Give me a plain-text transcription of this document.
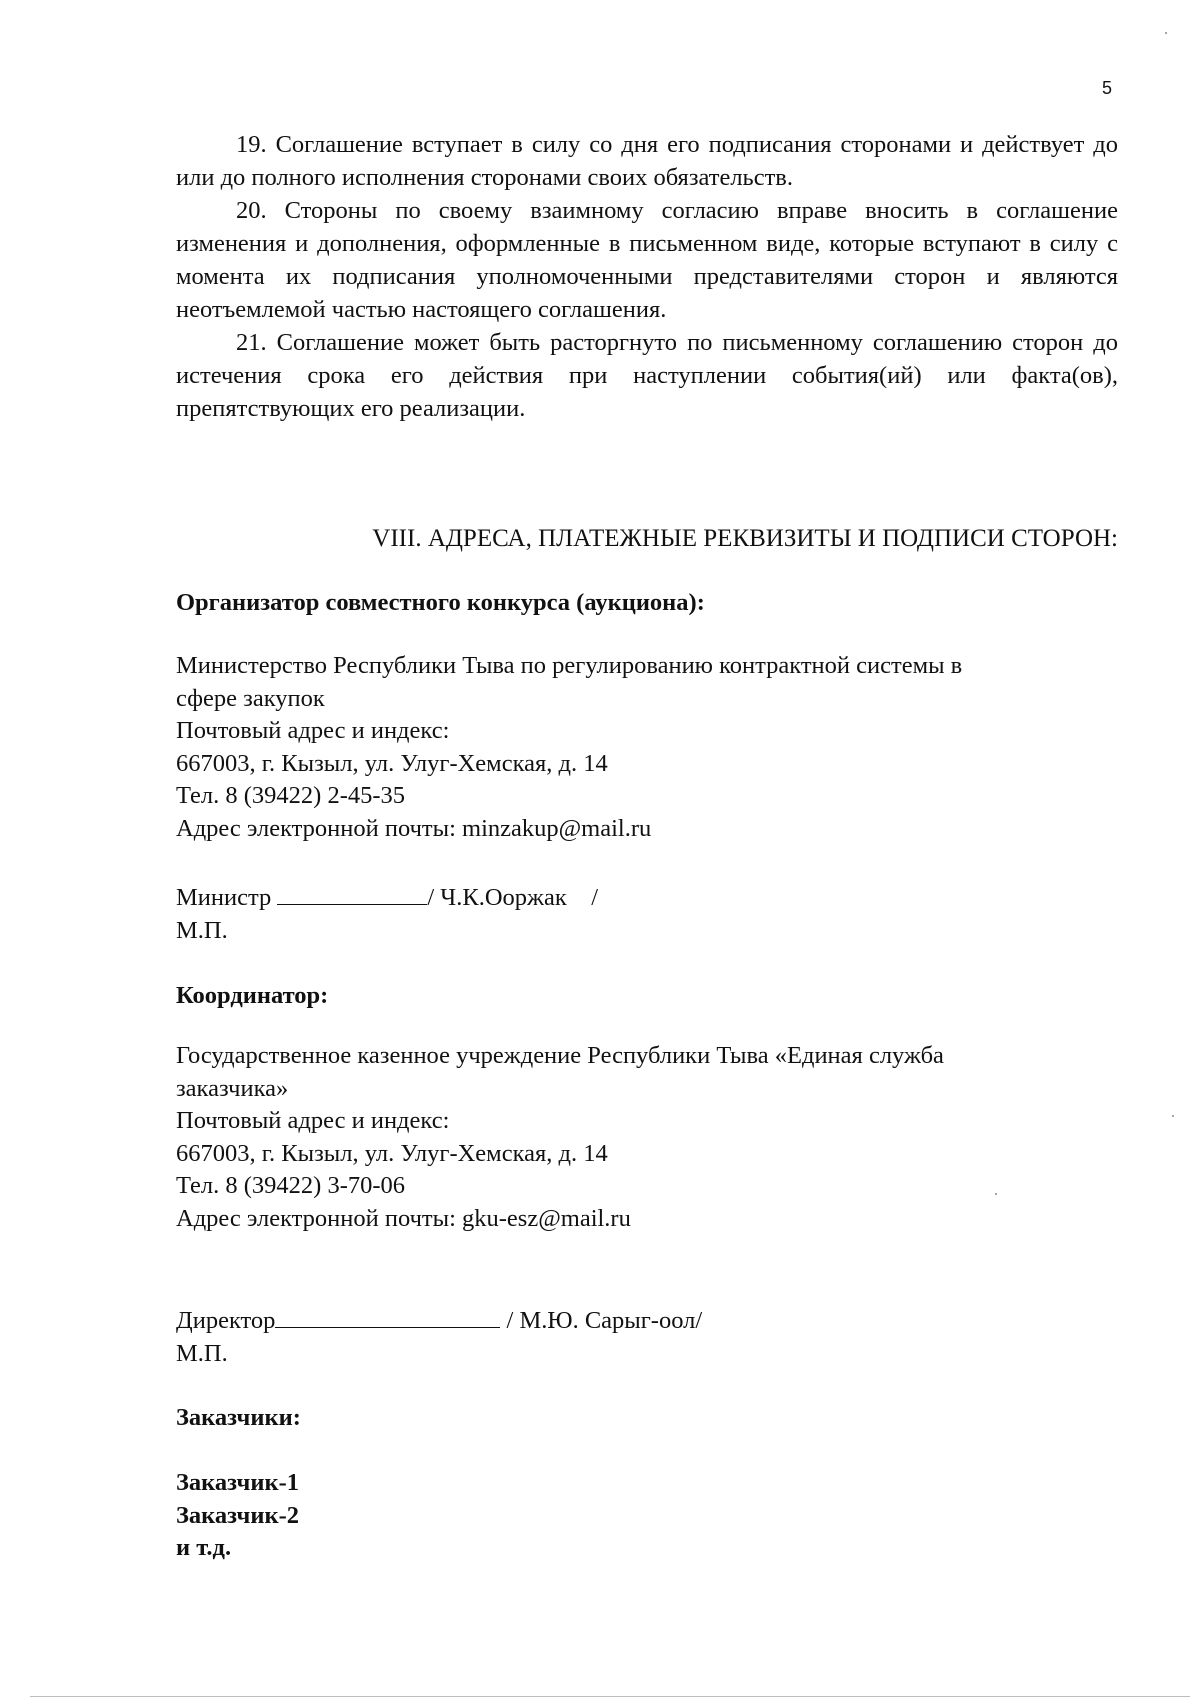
5

19. Соглашение вступает в силу со дня его подписания сторонами и действует до или до полного исполнения сторонами своих обязательств.

20. Стороны по своему взаимному согласию вправе вносить в соглашение изменения и дополнения, оформленные в письменном виде, которые вступают в силу с момента их подписания уполномоченными представителями сторон и являются неотъемлемой частью настоящего соглашения.

21. Соглашение может быть расторгнуто по письменному соглашению сторон до истечения срока его действия при наступлении события(ий) или факта(ов), препятствующих его реализации.

VIII. АДРЕСА, ПЛАТЕЖНЫЕ РЕКВИЗИТЫ И ПОДПИСИ СТОРОН:

Организатор совместного конкурса (аукциона):

Министерство Республики Тыва по регулированию контрактной системы в

сфере закупок

Почтовый адрес и индекс:

667003, г. Кызыл, ул. Улуг-Хемская, д. 14

Тел. 8 (39422) 2-45-35

Адрес электронной почты: minzakup@mail.ru

Министр	/ Ч.К.Ооржак    /

М.П.

Координатор:

Государственное казенное учреждение Республики Тыва «Единая служба

заказчика»

Почтовый адрес и индекс:

667003, г. Кызыл, ул. Улуг-Хемская, д. 14

Тел. 8 (39422) 3-70-06

Адрес электронной почты: gku-esz@mail.ru

Директор	/ М.Ю. Сарыг-оол/

М.П.

Заказчики:

Заказчик-1

Заказчик-2

и т.д.
